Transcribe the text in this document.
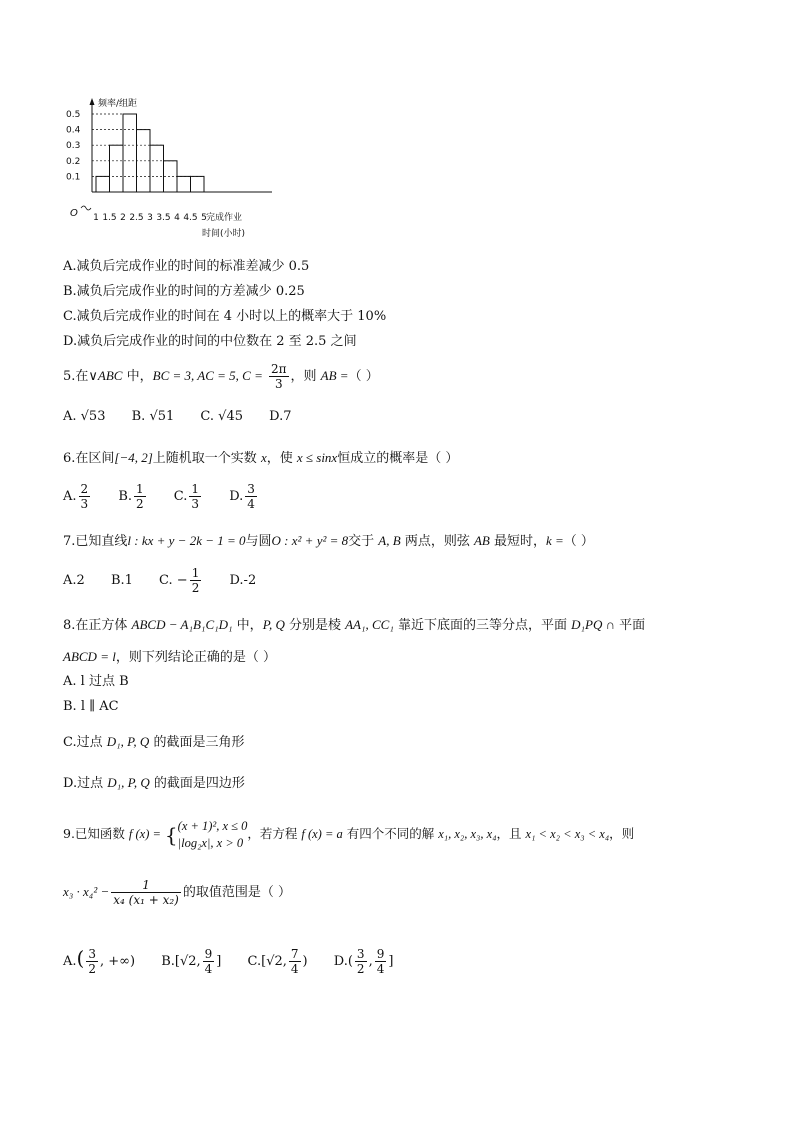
0.1
0.2
0.3
0.4
0.5
1 1.5 2 2.5 3 3.5 4 4.5 5
频率/组距
O	完成作业
时间(小时)
A.减负后完成作业的时间的标准差减少 0.5
B.减负后完成作业的时间的方差减少 0.25
C.减负后完成作业的时间在 4 小时以上的概率大于 10%
D.减负后完成作业的时间的中位数在 2 至 2.5 之间
5.在∨ABC 中，BC = 3, AC = 5, $C = \frac{2\pi}{3}$ ，则 AB =（ ）
A. √53 B. √51 C. √45 D.7
6.在区间[−4, 2]上随机取一个实数 x，使 x ≤ sinx恒成立的概率是（ ）
A. $\frac{2}{3} B$. $\frac{1}{2} C$. $\frac{1}{3} D$. $\frac{3}{4}$
7.已知直线l : kx + y − 2k − 1 = 0与圆O : x² + y² = 8交于 A, B 两点，则弦 AB 最短时，k =（ ）
A.2 B.1 C. − $\frac{1}{2} D.-2$
8.在正方体 ABCD − A₁B₁C₁D₁ 中，P, Q 分别是棱 AA₁, CC₁ 靠近下底面的三等分点，平面 D₁PQ ∩ 平面
ABCD = l，则下列结论正确的是（ ）
A. l 过点 B
B. l ∥ AC
C.过点 D₁, P, Q 的截面是三角形
D.过点 D₁, P, Q 的截面是四边形
9.已知函数 f (x) = { (x + 1)², x ≤ 0
|log₂x|, x > 0
，若方程 f (x) = a 有四个不同的解 x₁, x₂, x₃, x₄，且 x₁ < x₂ < x₃ < x₄，则
$x_3 \cdot x_4^2 - \frac{1}{\text{x₄ (x₁ + x₂)}}$ 的取值范围是（ ）
$A.( \frac{3}{2}$ , +∞) B.[√2, $\frac{9}{4}$ ] C.[√2, $\frac{7}{4}$ ) $D.( \frac{3}{2}$ , $\frac{9}{4}$ ]
